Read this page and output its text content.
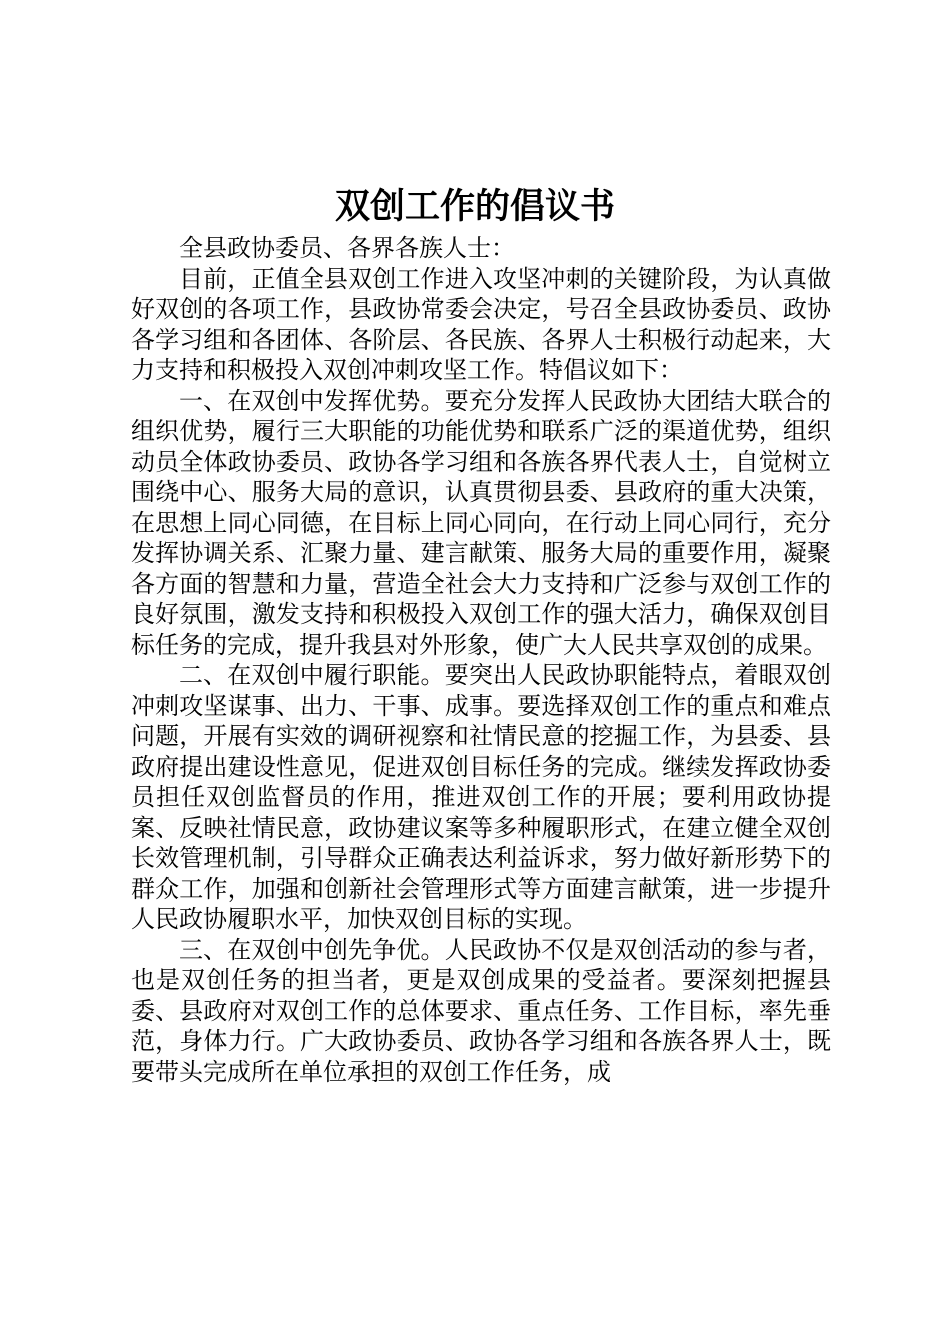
双创工作的倡议书

全县政协委员、各界各族人士：

目前，正值全县双创工作进入攻坚冲刺的关键阶段，为认真做好双创的各项工作，县政协常委会决定，号召全县政协委员、政协各学习组和各团体、各阶层、各民族、各界人士积极行动起来，大力支持和积极投入双创冲刺攻坚工作。特倡议如下：

一、在双创中发挥优势。要充分发挥人民政协大团结大联合的组织优势，履行三大职能的功能优势和联系广泛的渠道优势，组织动员全体政协委员、政协各学习组和各族各界代表人士，自觉树立围绕中心、服务大局的意识，认真贯彻县委、县政府的重大决策，在思想上同心同德，在目标上同心同向，在行动上同心同行，充分发挥协调关系、汇聚力量、建言献策、服务大局的重要作用，凝聚各方面的智慧和力量，营造全社会大力支持和广泛参与双创工作的良好氛围，激发支持和积极投入双创工作的强大活力，确保双创目标任务的完成，提升我县对外形象，使广大人民共享双创的成果。

二、在双创中履行职能。要突出人民政协职能特点，着眼双创冲刺攻坚谋事、出力、干事、成事。要选择双创工作的重点和难点问题，开展有实效的调研视察和社情民意的挖掘工作，为县委、县政府提出建设性意见，促进双创目标任务的完成。继续发挥政协委员担任双创监督员的作用，推进双创工作的开展；要利用政协提案、反映社情民意，政协建议案等多种履职形式，在建立健全双创长效管理机制，引导群众正确表达利益诉求，努力做好新形势下的群众工作，加强和创新社会管理形式等方面建言献策，进一步提升人民政协履职水平，加快双创目标的实现。

三、在双创中创先争优。人民政协不仅是双创活动的参与者，也是双创任务的担当者，更是双创成果的受益者。要深刻把握县委、县政府对双创工作的总体要求、重点任务、工作目标，率先垂范，身体力行。广大政协委员、政协各学习组和各族各界人士，既要带头完成所在单位承担的双创工作任务，成
